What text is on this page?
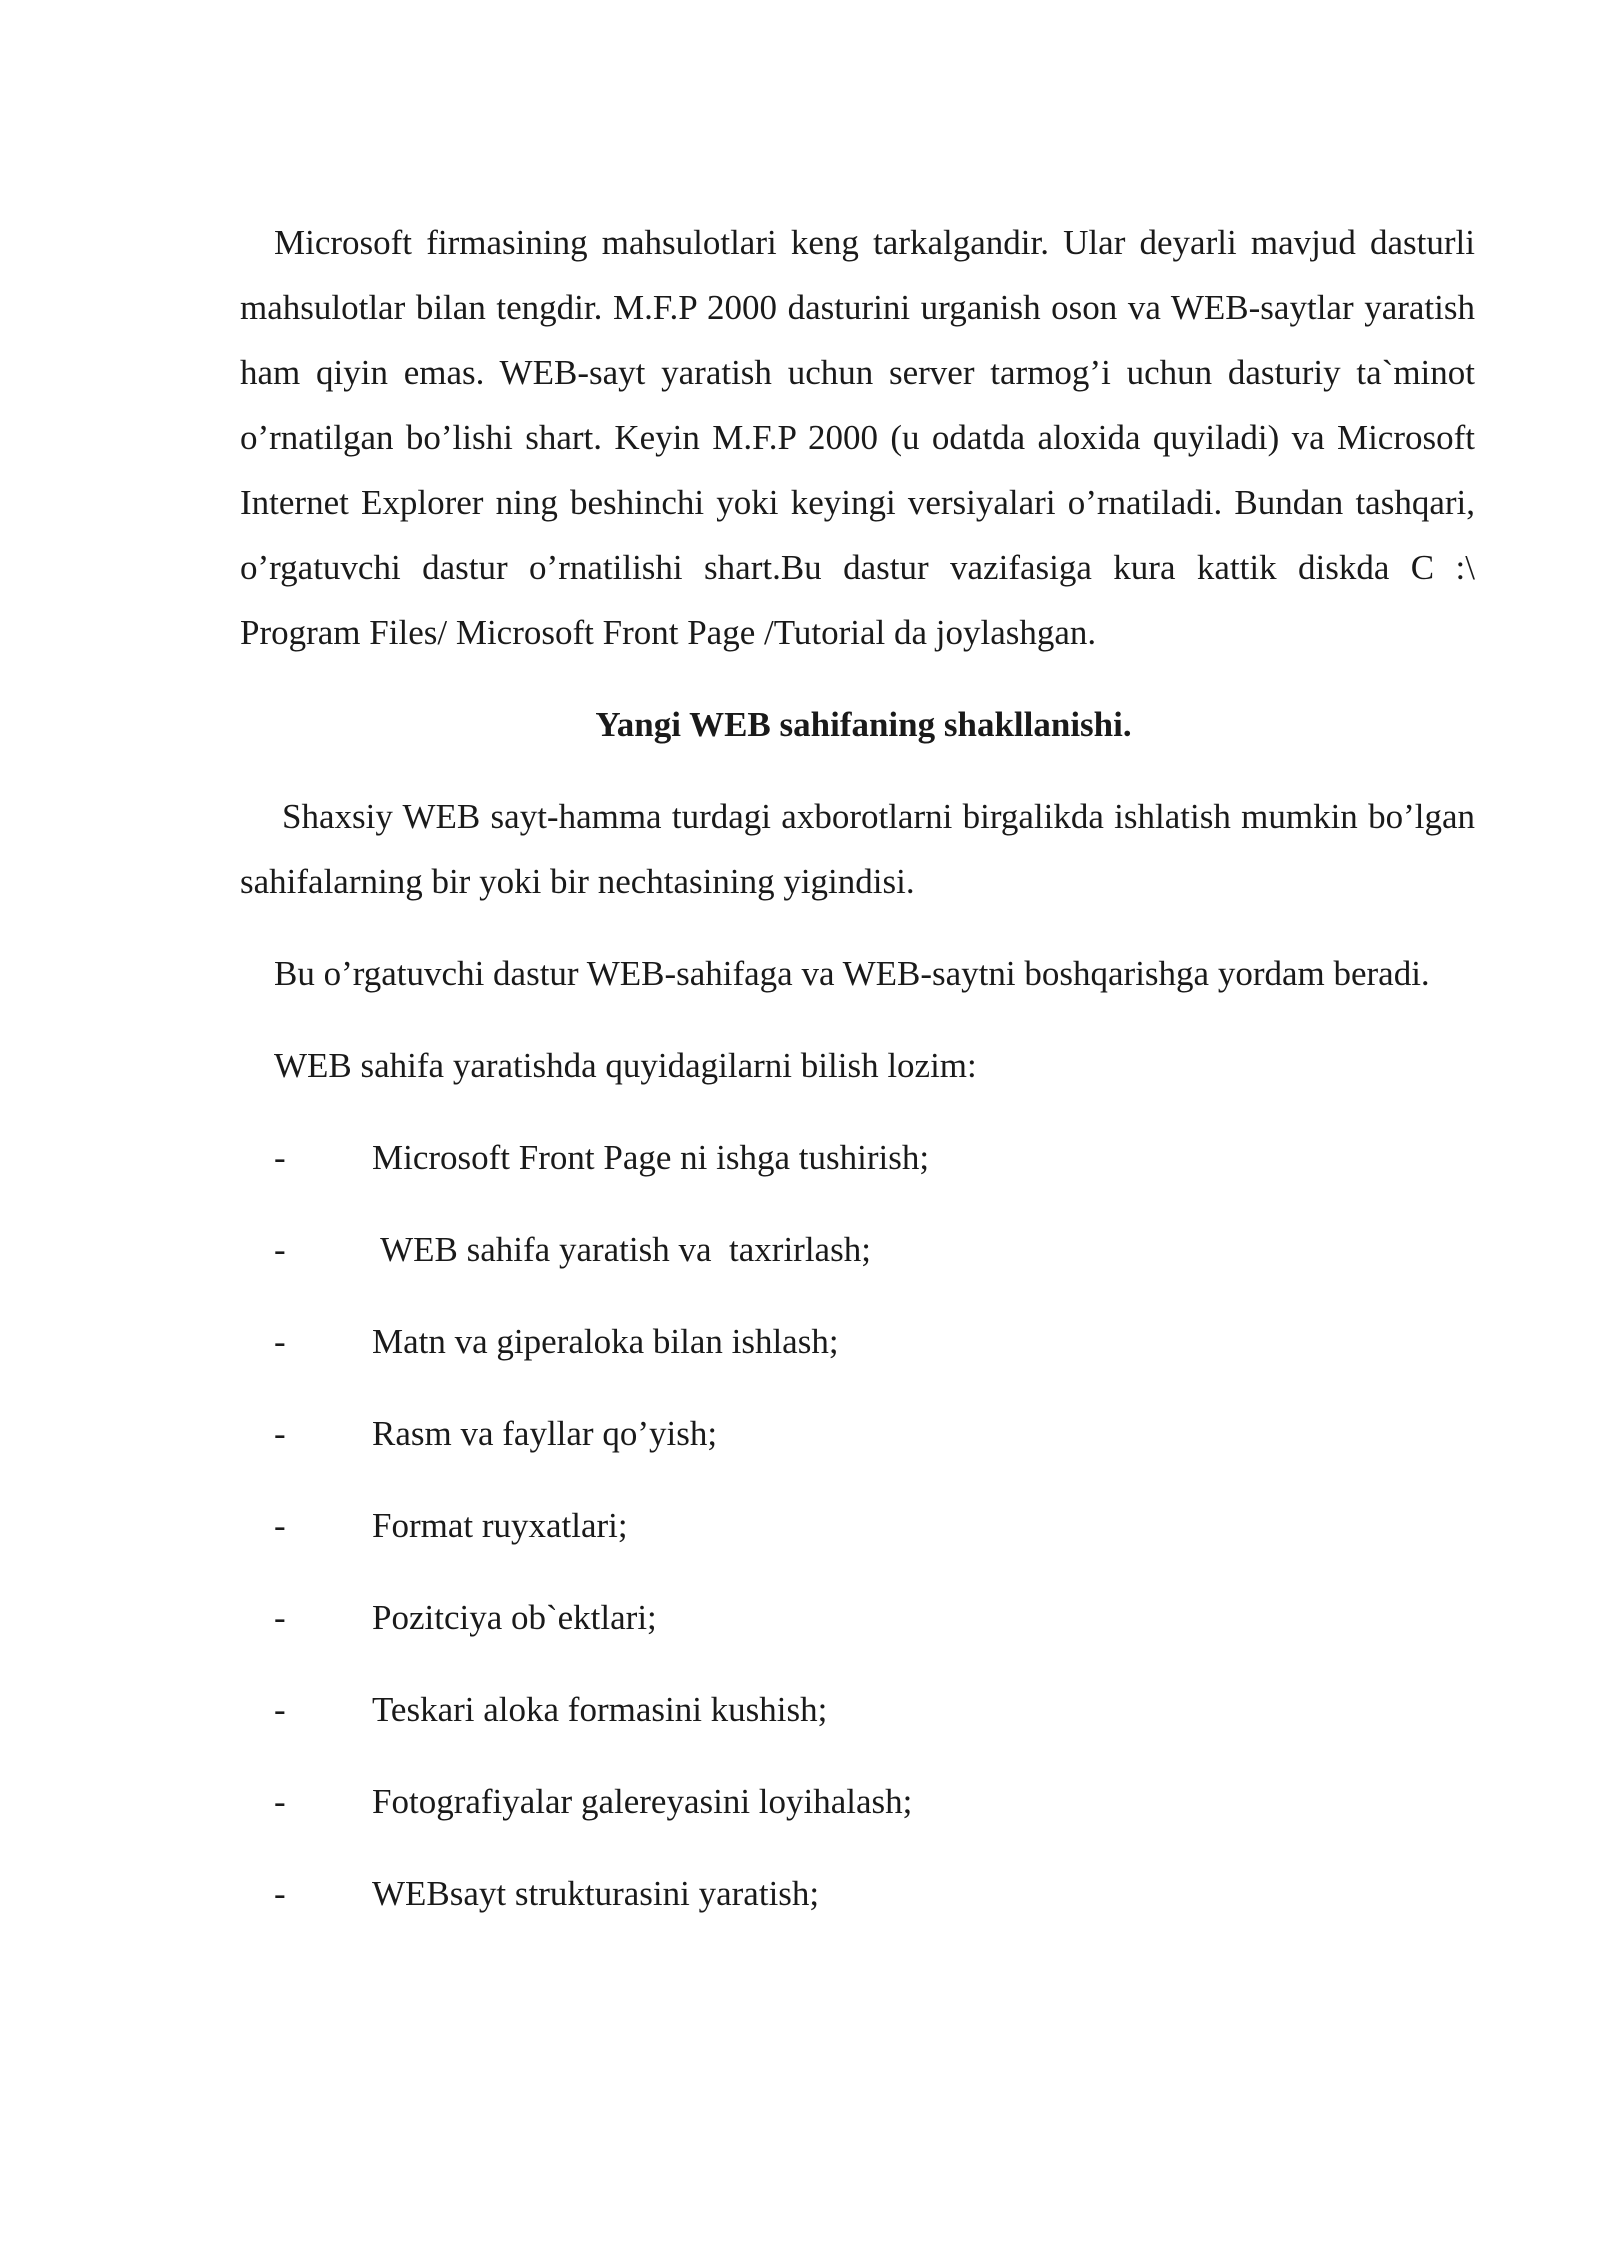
Microsoft firmasining mahsulotlari keng tarkalgandir. Ular deyarli mavjud dasturli mahsulotlar bilan tengdir. M.F.P 2000 dasturini urganish oson va WEB-saytlar yaratish ham qiyin emas. WEB-sayt yaratish uchun server tarmog’i uchun dasturiy ta`minot o’rnatilgan bo’lishi shart. Keyin M.F.P 2000 (u odatda aloxida quyiladi) va Microsoft Internet Explorer ning beshinchi yoki keyingi versiyalari o’rnatiladi. Bundan tashqari, o’rgatuvchi dastur o’rnatilishi shart.Bu dastur vazifasiga kura kattik diskda C :\ Program Files/ Microsoft Front Page /Tutorial da joylashgan.

Yangi WEB sahifaning shakllanishi.

Shaxsiy WEB sayt-hamma turdagi axborotlarni birgalikda ishlatish mumkin bo’lgan sahifalarning bir yoki bir nechtasining yigindisi.

Bu o’rgatuvchi dastur WEB-sahifaga va WEB-saytni boshqarishga yordam beradi.

WEB sahifa yaratishda quyidagilarni bilish lozim:

- Microsoft Front Page ni ishga tushirish;
- WEB sahifa yaratish va  taxrirlash;
- Matn va giperaloka bilan ishlash;
- Rasm va fayllar qo’yish;
- Format ruyxatlari;
- Pozitciya ob`ektlari;
- Teskari aloka formasini kushish;
- Fotografiyalar galereyasini loyihalash;
- WEBsayt strukturasini yaratish;
